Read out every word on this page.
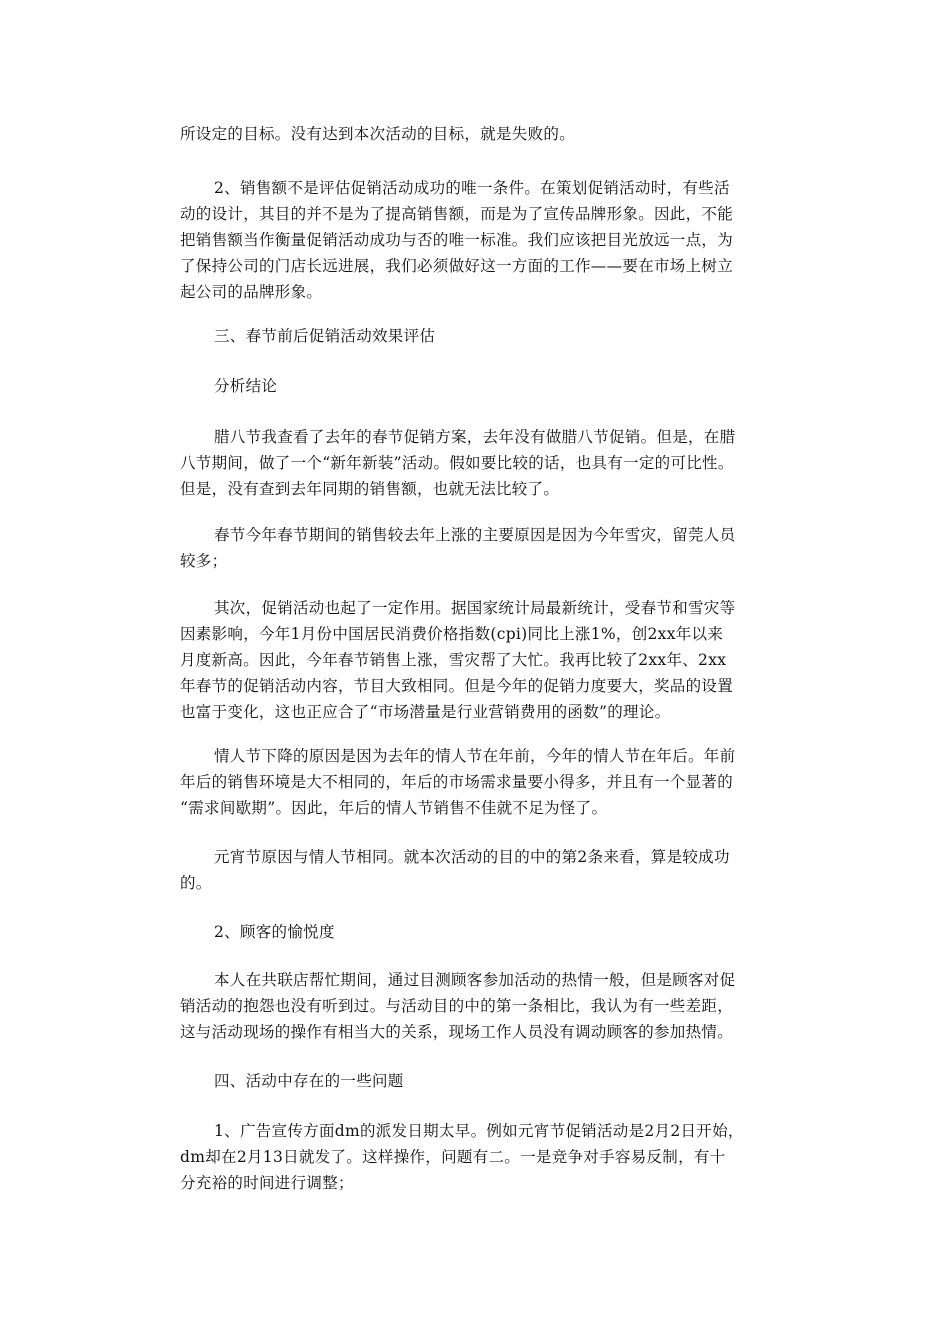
所设定的目标。没有达到本次活动的目标，就是失败的。

2、销售额不是评估促销活动成功的唯一条件。在策划促销活动时，有些活
动的设计，其目的并不是为了提高销售额，而是为了宣传品牌形象。因此，不能
把销售额当作衡量促销活动成功与否的唯一标准。我们应该把目光放远一点，为
了保持公司的门店长远进展，我们必须做好这一方面的工作——要在市场上树立
起公司的品牌形象。

三、春节前后促销活动效果评估

分析结论

腊八节我查看了去年的春节促销方案，去年没有做腊八节促销。但是，在腊
八节期间，做了一个“新年新装”活动。假如要比较的话，也具有一定的可比性。
但是，没有查到去年同期的销售额，也就无法比较了。

春节今年春节期间的销售较去年上涨的主要原因是因为今年雪灾，留莞人员
较多；

其次，促销活动也起了一定作用。据国家统计局最新统计，受春节和雪灾等
因素影响，今年1月份中国居民消费价格指数(cpi)同比上涨1%，创2xx年以来
月度新高。因此，今年春节销售上涨，雪灾帮了大忙。我再比较了2xx年、2xx
年春节的促销活动内容，节目大致相同。但是今年的促销力度要大，奖品的设置
也富于变化，这也正应合了“市场潜量是行业营销费用的函数”的理论。

情人节下降的原因是因为去年的情人节在年前，今年的情人节在年后。年前
年后的销售环境是大不相同的，年后的市场需求量要小得多，并且有一个显著的
“需求间歇期”。因此，年后的情人节销售不佳就不足为怪了。

元宵节原因与情人节相同。就本次活动的目的中的第2条来看，算是较成功
的。

2、顾客的愉悦度

本人在共联店帮忙期间，通过目测顾客参加活动的热情一般，但是顾客对促
销活动的抱怨也没有听到过。与活动目的中的第一条相比，我认为有一些差距，
这与活动现场的操作有相当大的关系，现场工作人员没有调动顾客的参加热情。

四、活动中存在的一些问题

1、广告宣传方面dm的派发日期太早。例如元宵节促销活动是2月2日开始，
dm却在2月13日就发了。这样操作，问题有二。一是竞争对手容易反制，有十
分充裕的时间进行调整；
